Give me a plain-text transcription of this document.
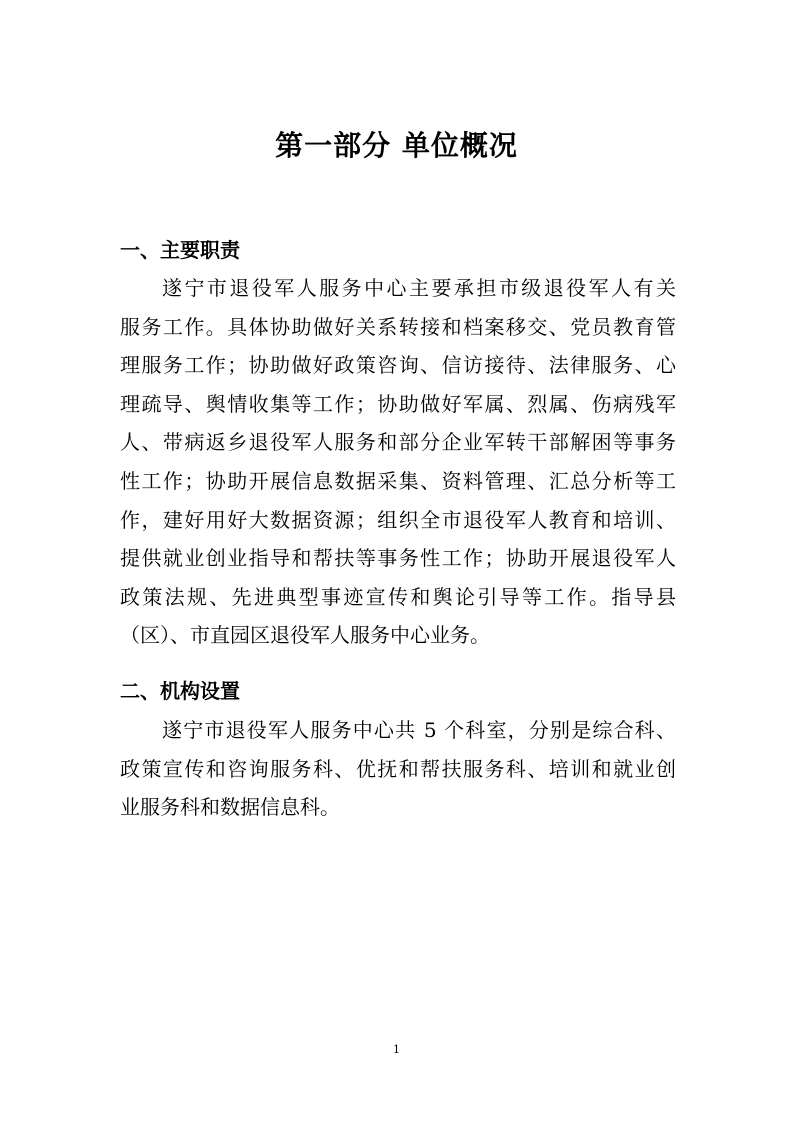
第一部分 单位概况
一、主要职责
遂宁市退役军人服务中心主要承担市级退役军人有关
服务工作。具体协助做好关系转接和档案移交、党员教育管
理服务工作；协助做好政策咨询、信访接待、法律服务、心
理疏导、舆情收集等工作；协助做好军属、烈属、伤病残军
人、带病返乡退役军人服务和部分企业军转干部解困等事务
性工作；协助开展信息数据采集、资料管理、汇总分析等工
作，建好用好大数据资源；组织全市退役军人教育和培训、
提供就业创业指导和帮扶等事务性工作；协助开展退役军人
政策法规、先进典型事迹宣传和舆论引导等工作。指导县
（区）、市直园区退役军人服务中心业务。
二、机构设置
遂宁市退役军人服务中心共 5 个科室，分别是综合科、
政策宣传和咨询服务科、优抚和帮扶服务科、培训和就业创
业服务科和数据信息科。
1
